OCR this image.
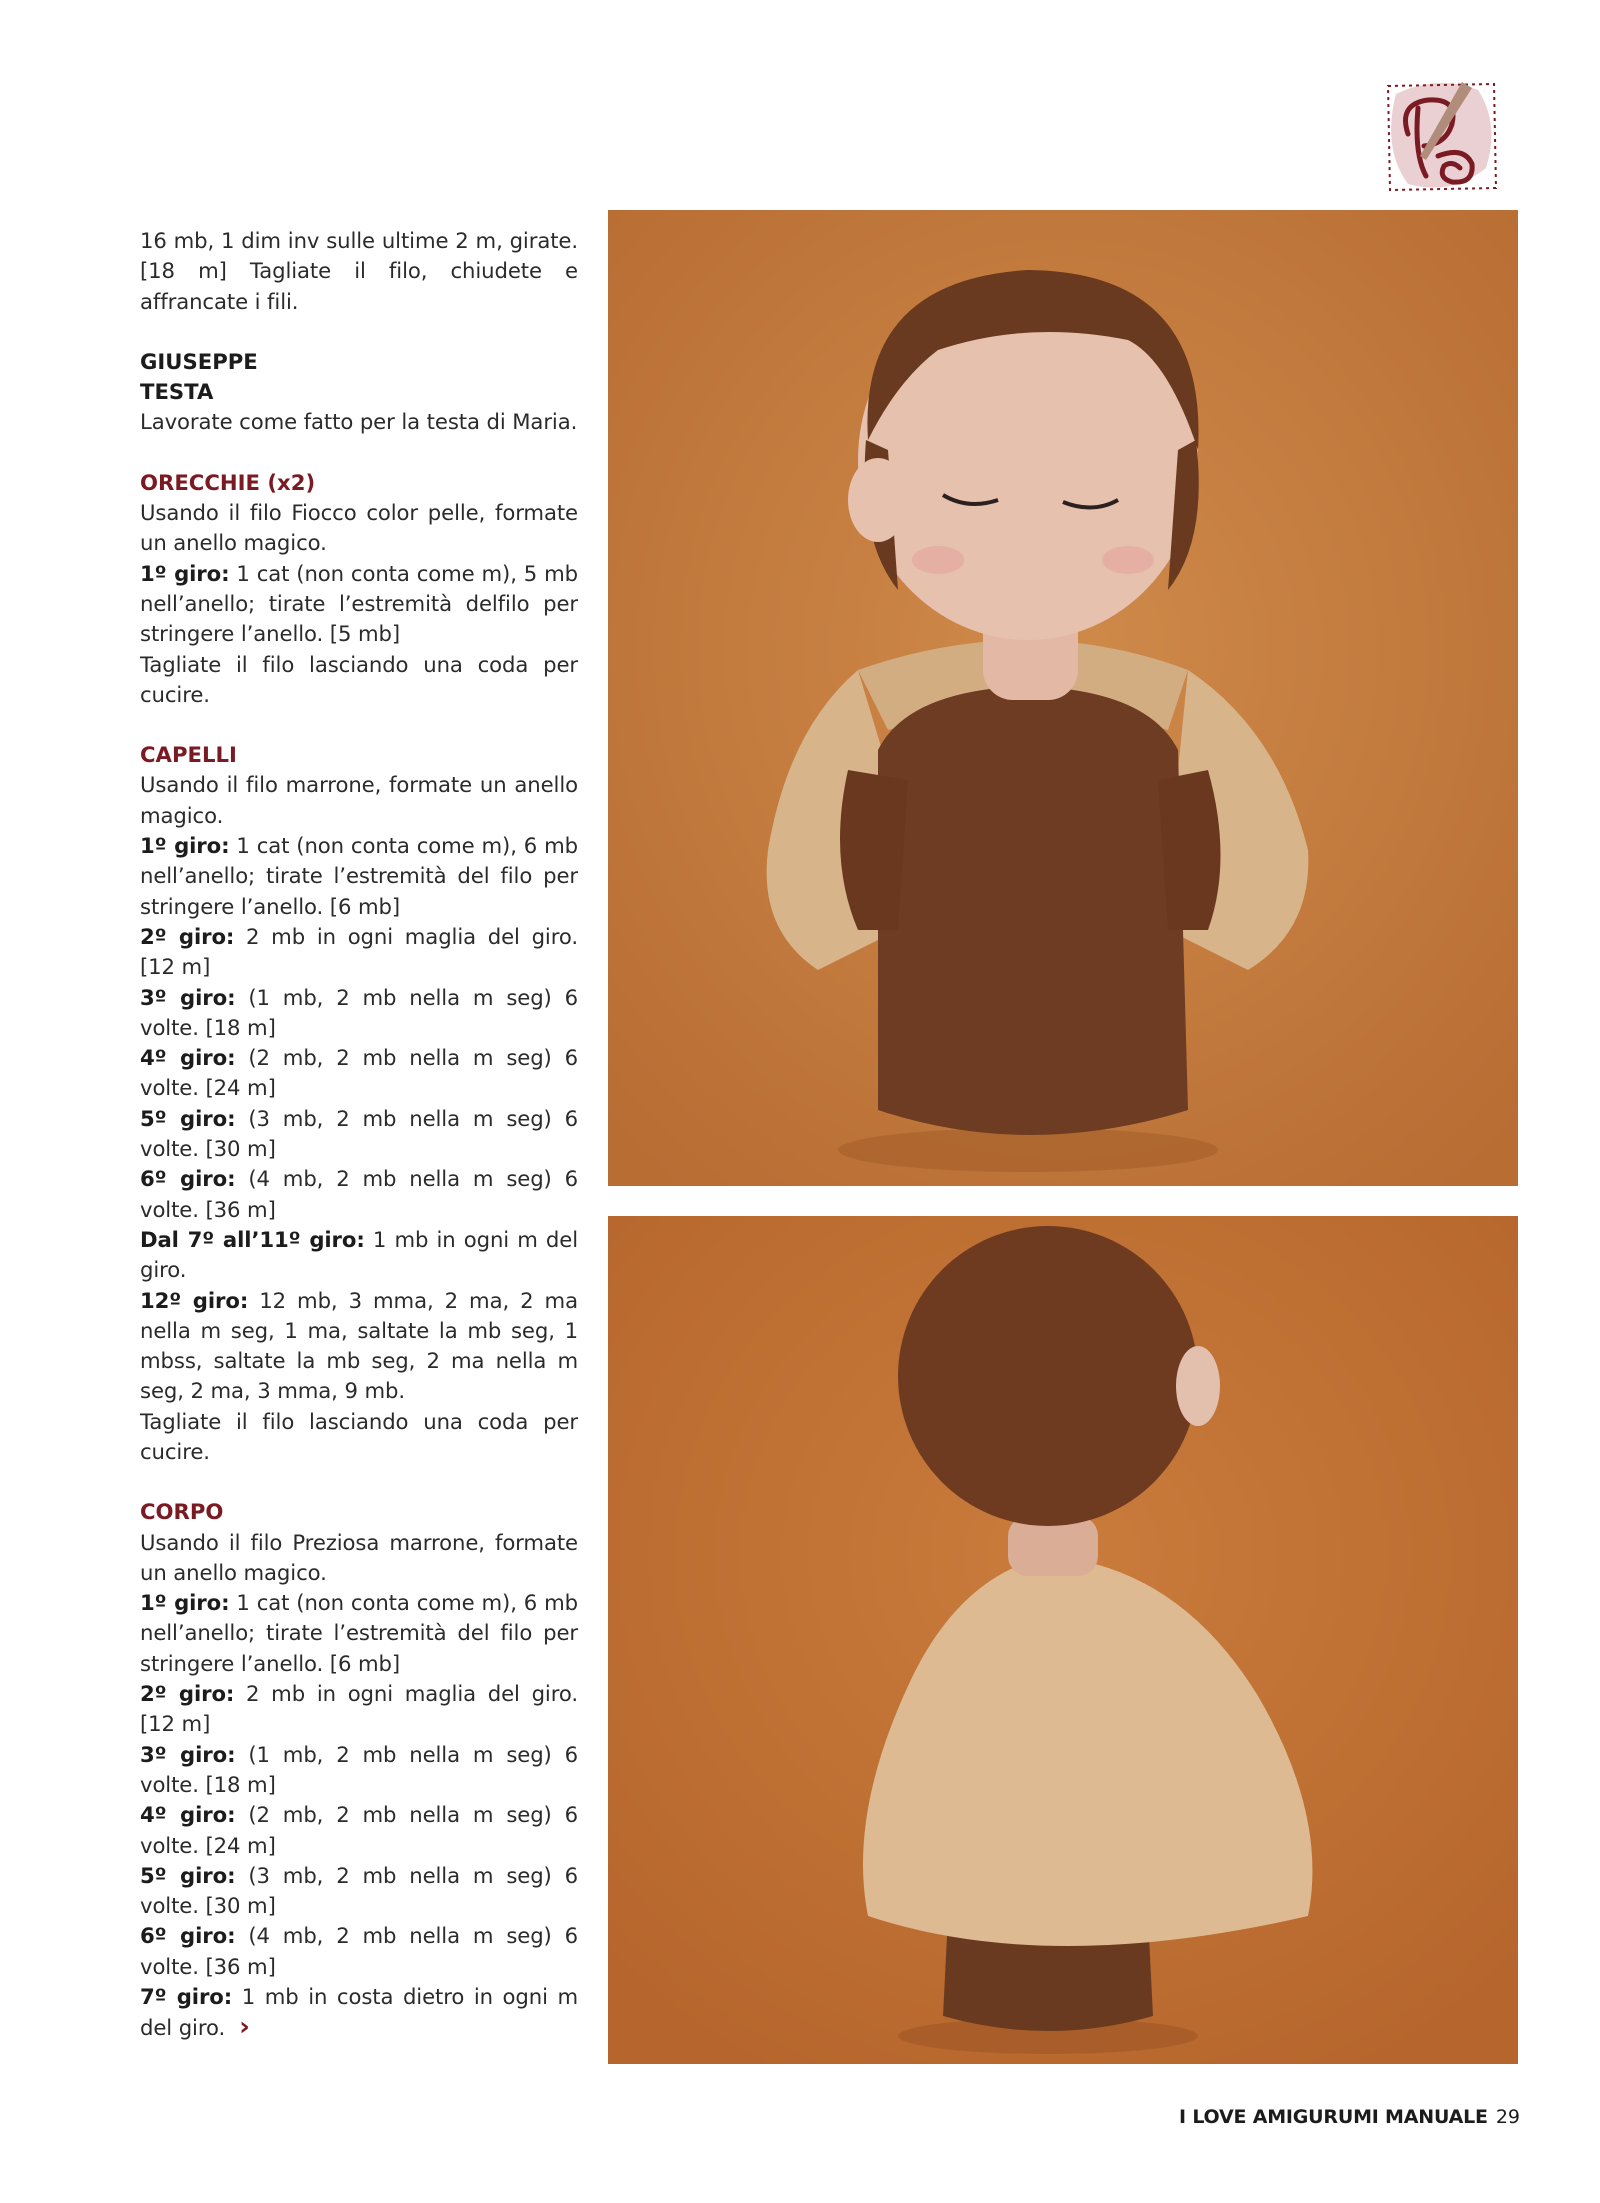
16 mb, 1 dim inv sulle ultime 2 m, girate. [18 m] Tagliate il filo, chiudete e affrancate i fili.

GIUSEPPE

TESTA

Lavorate come fatto per la testa di Maria.

ORECCHIE (x2)

Usando il filo Fiocco color pelle, formate un anello magico.

1º giro: 1 cat (non conta come m), 5 mb nell’anello; tirate l’estremità delfilo per stringere l’anello. [5 mb]

Tagliate il filo lasciando una coda per cucire.

CAPELLI

Usando il filo marrone, formate un anello magico.

1º giro: 1 cat (non conta come m), 6 mb nell’anello; tirate l’estremità del filo per stringere l’anello. [6 mb]

2º giro: 2 mb in ogni maglia del giro. [12 m]

3º giro: (1 mb, 2 mb nella m seg) 6 volte. [18 m]

4º giro: (2 mb, 2 mb nella m seg) 6 volte. [24 m]

5º giro: (3 mb, 2 mb nella m seg) 6 volte. [30 m]

6º giro: (4 mb, 2 mb nella m seg) 6 volte. [36 m]

Dal 7º all’11º giro: 1 mb in ogni m del giro.

12º giro: 12 mb, 3 mma, 2 ma, 2 ma nella m seg, 1 ma, saltate la mb seg, 1 mbss, saltate la mb seg, 2 ma nella m seg, 2 ma, 3 mma, 9 mb.

Tagliate il filo lasciando una coda per cucire.

CORPO

Usando il filo Preziosa marrone, formate un anello magico.

1º giro: 1 cat (non conta come m), 6 mb nell’anello; tirate l’estremità del filo per stringere l’anello. [6 mb]

2º giro: 2 mb in ogni maglia del giro. [12 m]

3º giro: (1 mb, 2 mb nella m seg) 6 volte. [18 m]

4º giro: (2 mb, 2 mb nella m seg) 6 volte. [24 m]

5º giro: (3 mb, 2 mb nella m seg) 6 volte. [30 m]

6º giro: (4 mb, 2 mb nella m seg) 6 volte. [36 m]

7º giro: 1 mb in costa dietro in ogni m del giro. ›

I LOVE AMIGURUMI MANUALE 29
